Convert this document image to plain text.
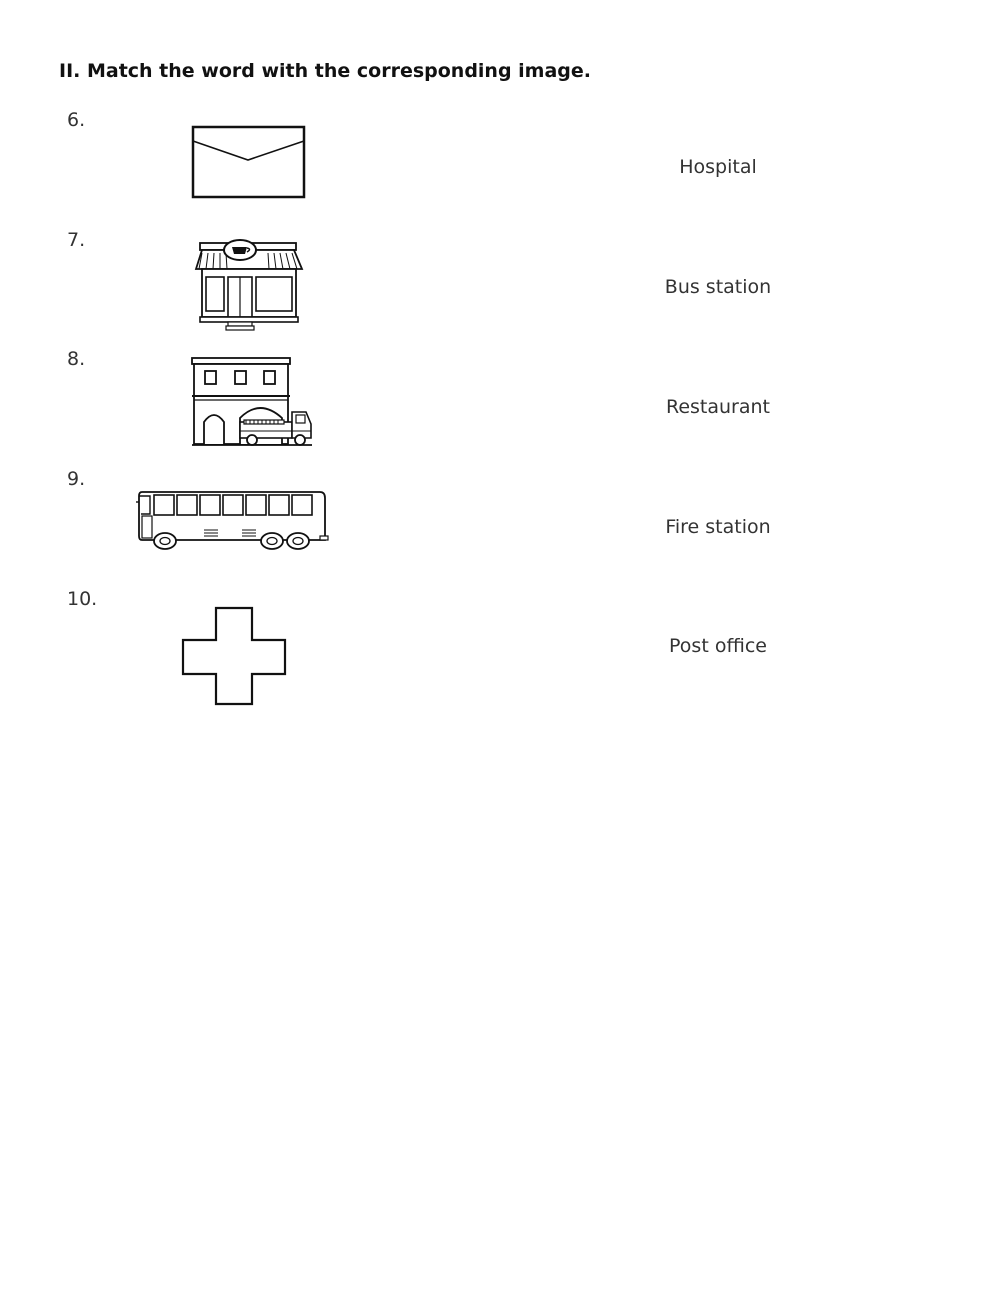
II. Match the word with the corresponding image.
6.
7.
8.
9.
10.
Hospital
Bus station
Restaurant
Fire station
Post office
